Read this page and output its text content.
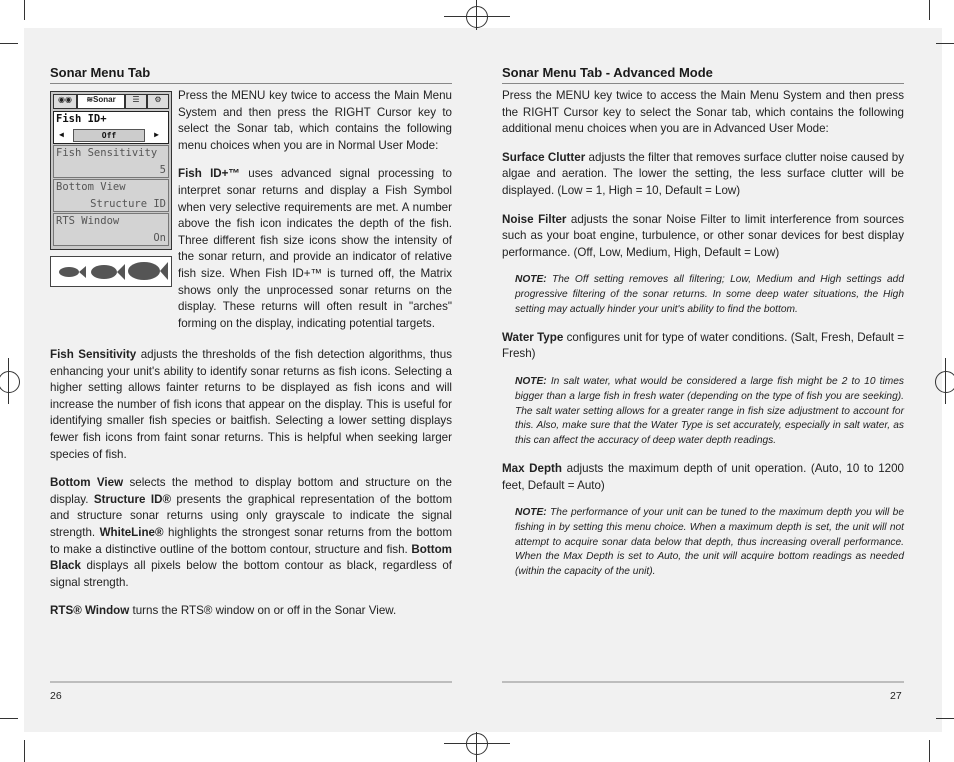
Sonar Menu Tab
◉◉	≋Sonar	☰	⚙
Fish ID+
◀	Off	▶
Fish Sensitivity
5
Bottom View
Structure ID
RTS Window
On

Press the MENU key twice to access the Main Menu System and then press the RIGHT Cursor key to select the Sonar tab, which contains the following menu choices when you are in Normal User Mode:

Fish ID+™ uses advanced signal processing to interpret sonar returns and display a Fish Symbol when very selective requirements are met. A number above the fish icon indicates the depth of the fish. Three different fish size icons show the intensity of the sonar return, and provide an indicator of relative fish size. When Fish ID+™ is turned off, the Matrix shows only the unprocessed sonar returns on the display. These returns will often result in "arches" forming on the display, indicating potential targets.

Fish Sensitivity adjusts the thresholds of the fish detection algorithms, thus enhancing your unit's ability to identify sonar returns as fish icons. Selecting a higher setting allows fainter returns to be displayed as fish icons and will increase the number of fish icons that appear on the display. This is useful for identifying smaller fish species or baitfish. Selecting a lower setting displays fewer fish icons from faint sonar returns. This is helpful when seeking larger species of fish.

Bottom View selects the method to display bottom and structure on the display. Structure ID® presents the graphical representation of the bottom and structure sonar returns using only grayscale to indicate the signal strength. WhiteLine® highlights the strongest sonar returns from the bottom to make a distinctive outline of the bottom contour, structure and fish. Bottom Black displays all pixels below the bottom contour as black, regardless of signal strength.

RTS® Window turns the RTS® window on or off in the Sonar View.

26
Sonar Menu Tab - Advanced Mode

Press the MENU key twice to access the Main Menu System and then press the RIGHT Cursor key to select the Sonar tab, which contains the following additional menu choices when you are in Advanced User Mode:

Surface Clutter adjusts the filter that removes surface clutter noise caused by algae and aeration. The lower the setting, the less surface clutter will be displayed. (Low = 1, High = 10, Default = Low)

Noise Filter adjusts the sonar Noise Filter to limit interference from sources such as your boat engine, turbulence, or other sonar devices for best display performance. (Off, Low, Medium, High, Default = Low)

NOTE: The Off setting removes all filtering; Low, Medium and High settings add progressive filtering of the sonar returns. In some deep water situations, the High setting may actually hinder your unit's ability to find the bottom.

Water Type configures unit for type of water conditions. (Salt, Fresh, Default = Fresh)

NOTE: In salt water, what would be considered a large fish might be 2 to 10 times bigger than a large fish in fresh water (depending on the type of fish you are seeking). The salt water setting allows for a greater range in fish size adjustment to account for this. Also, make sure that the Water Type is set accurately, especially in salt water, as this can affect the accuracy of deep water depth readings.

Max Depth adjusts the maximum depth of unit operation. (Auto, 10 to 1200 feet, Default = Auto)

NOTE: The performance of your unit can be tuned to the maximum depth you will be fishing in by setting this menu choice. When a maximum depth is set, the unit will not attempt to acquire sonar data below that depth, thus increasing overall performance. When the Max Depth is set to Auto, the unit will acquire bottom readings as needed (within the capacity of the unit).

27
